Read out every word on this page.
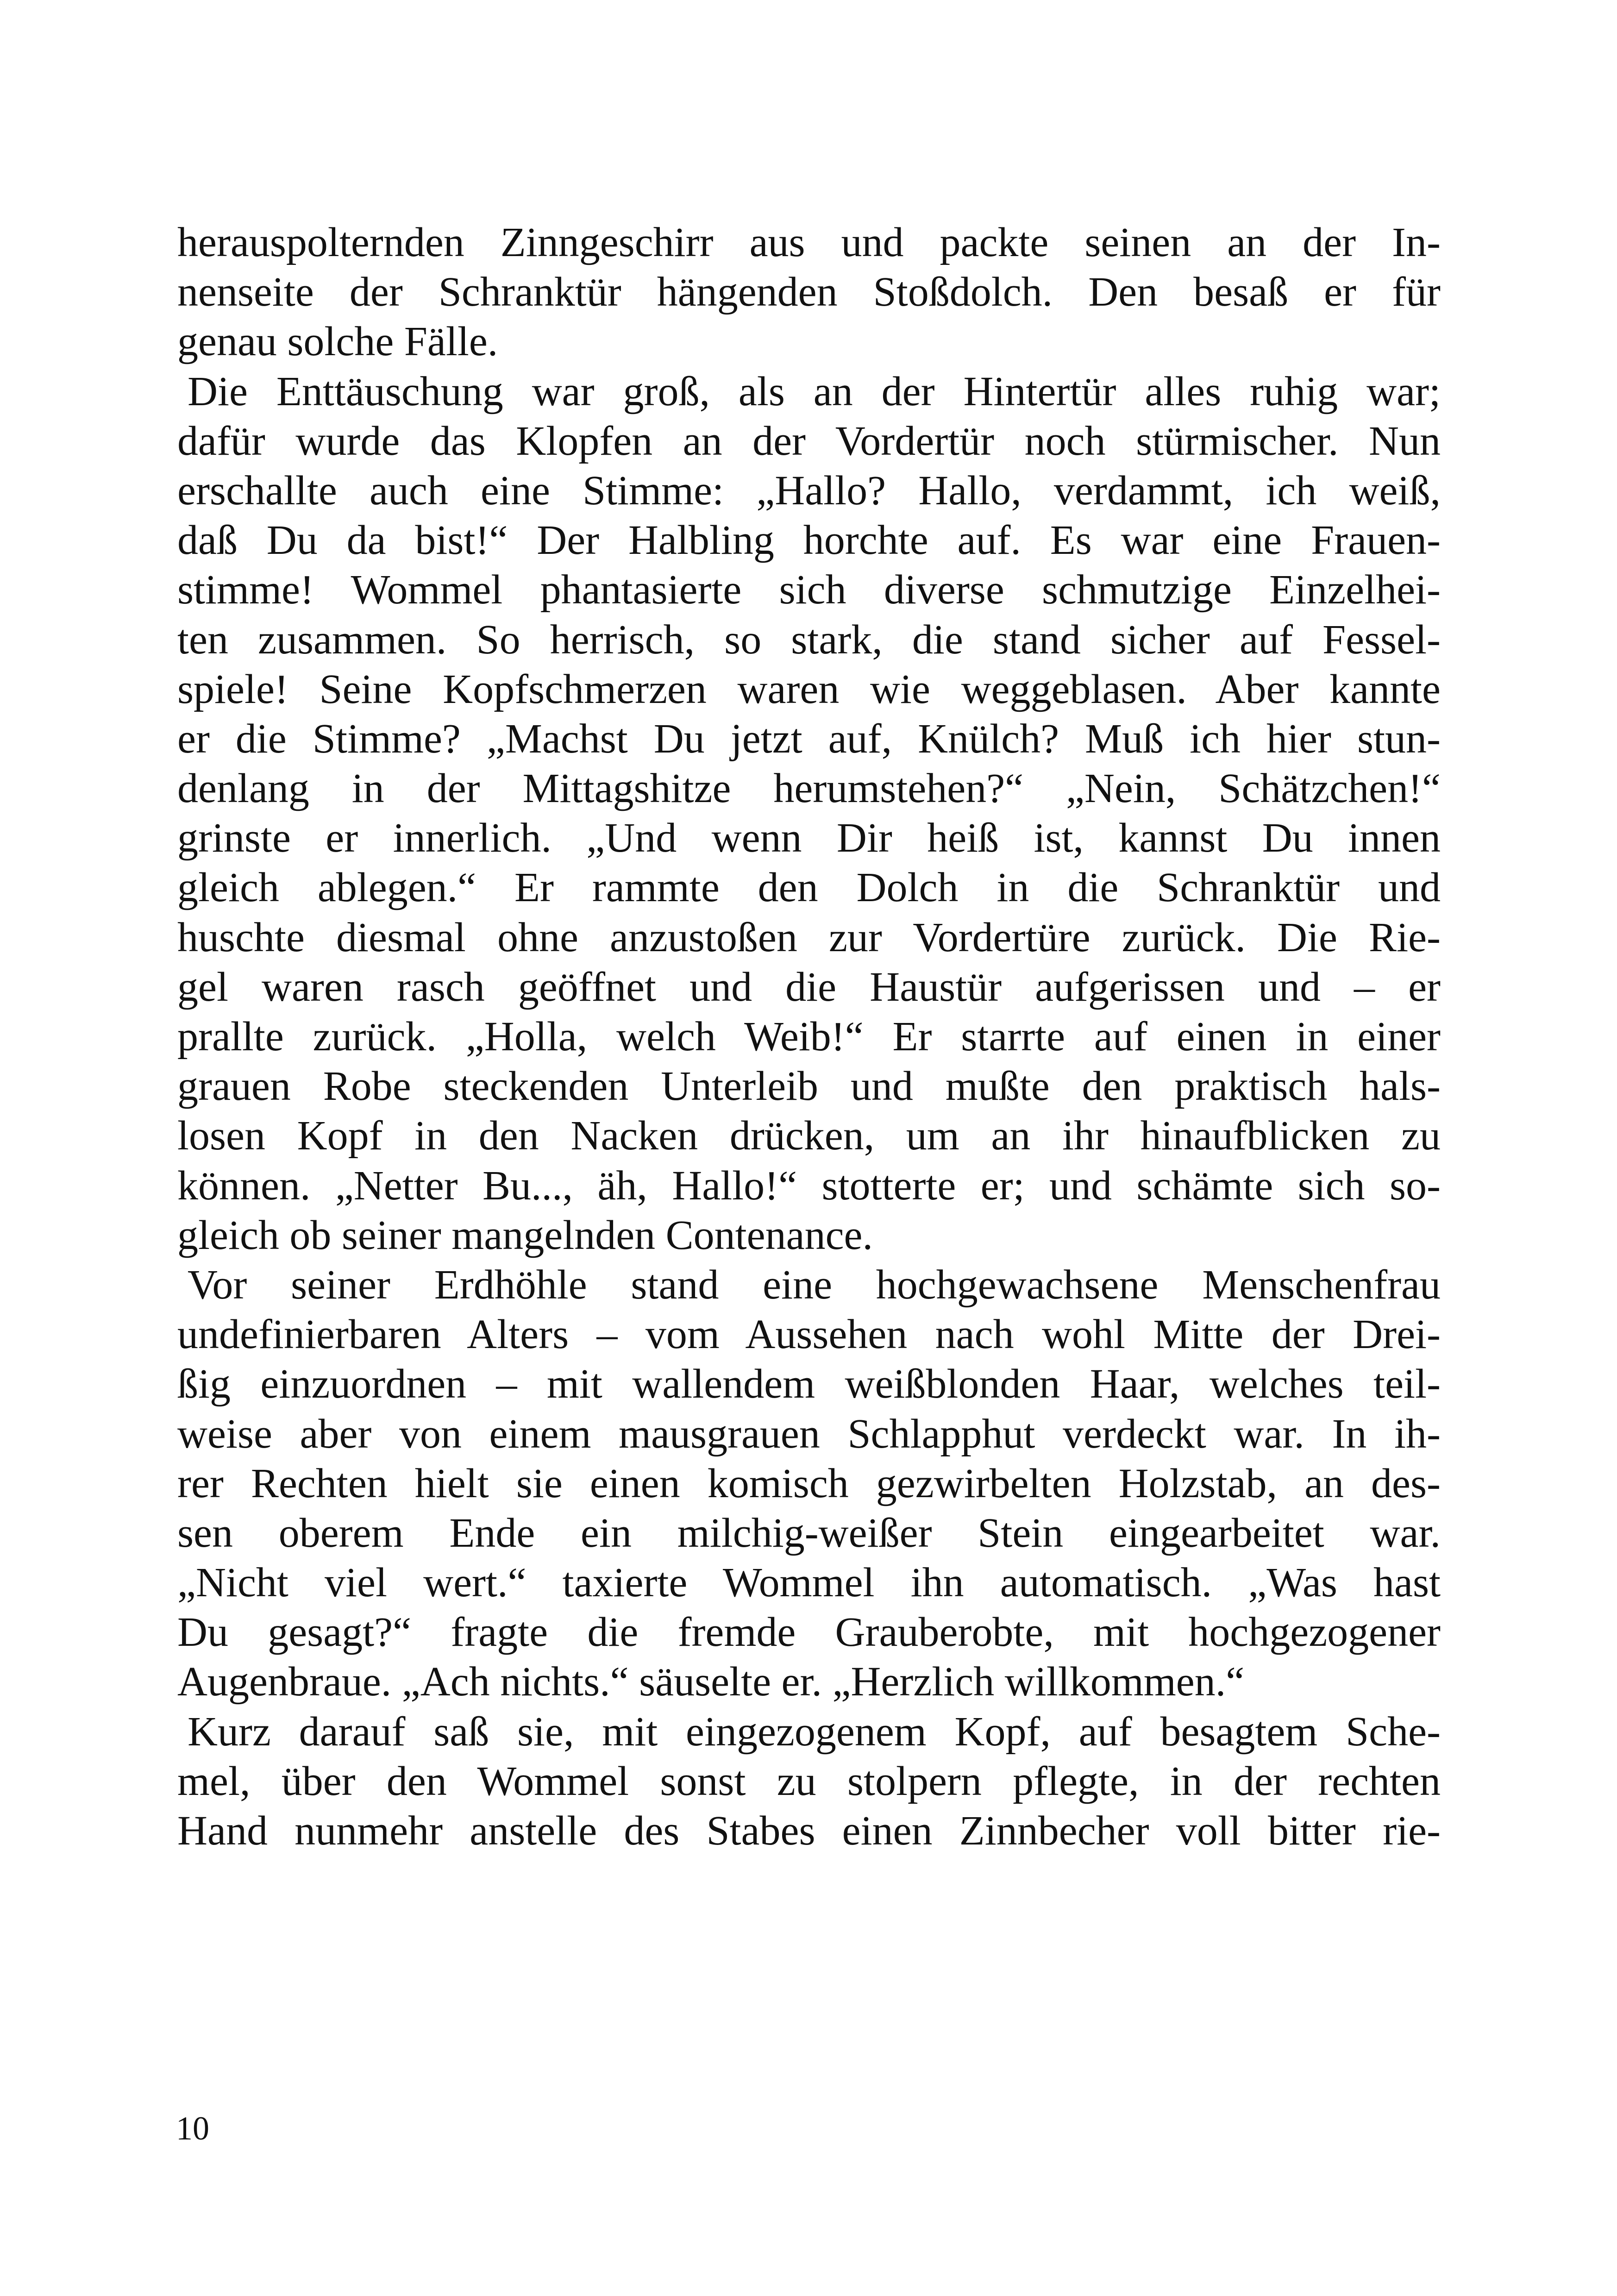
herauspolternden Zinngeschirr aus und packte seinen an der In-
nenseite der Schranktür hängenden Stoßdolch. Den besaß er für
genau solche Fälle.
Die Enttäuschung war groß, als an der Hintertür alles ruhig war;
dafür wurde das Klopfen an der Vordertür noch stürmischer. Nun
erschallte auch eine Stimme: „Hallo? Hallo, verdammt, ich weiß,
daß Du da bist!“ Der Halbling horchte auf. Es war eine Frauen-
stimme! Wommel phantasierte sich diverse schmutzige Einzelhei-
ten zusammen. So herrisch, so stark, die stand sicher auf Fessel-
spiele! Seine Kopfschmerzen waren wie weggeblasen. Aber kannte
er die Stimme? „Machst Du jetzt auf, Knülch? Muß ich hier stun-
denlang in der Mittagshitze herumstehen?“ „Nein, Schätzchen!“
grinste er innerlich. „Und wenn Dir heiß ist, kannst Du innen
gleich ablegen.“ Er rammte den Dolch in die Schranktür und
huschte diesmal ohne anzustoßen zur Vordertüre zurück. Die Rie-
gel waren rasch geöffnet und die Haustür aufgerissen und – er
prallte zurück. „Holla, welch Weib!“ Er starrte auf einen in einer
grauen Robe steckenden Unterleib und mußte den praktisch hals-
losen Kopf in den Nacken drücken, um an ihr hinaufblicken zu
können. „Netter Bu..., äh, Hallo!“ stotterte er; und schämte sich so-
gleich ob seiner mangelnden Contenance.
Vor seiner Erdhöhle stand eine hochgewachsene Menschenfrau
undefinierbaren Alters – vom Aussehen nach wohl Mitte der Drei-
ßig einzuordnen – mit wallendem weißblonden Haar, welches teil-
weise aber von einem mausgrauen Schlapphut verdeckt war. In ih-
rer Rechten hielt sie einen komisch gezwirbelten Holzstab, an des-
sen oberem Ende ein milchig-weißer Stein eingearbeitet war.
„Nicht viel wert.“ taxierte Wommel ihn automatisch. „Was hast
Du gesagt?“ fragte die fremde Grauberobte, mit hochgezogener
Augenbraue. „Ach nichts.“ säuselte er. „Herzlich willkommen.“
Kurz darauf saß sie, mit eingezogenem Kopf, auf besagtem Sche-
mel, über den Wommel sonst zu stolpern pflegte, in der rechten
Hand nunmehr anstelle des Stabes einen Zinnbecher voll bitter rie-
10
